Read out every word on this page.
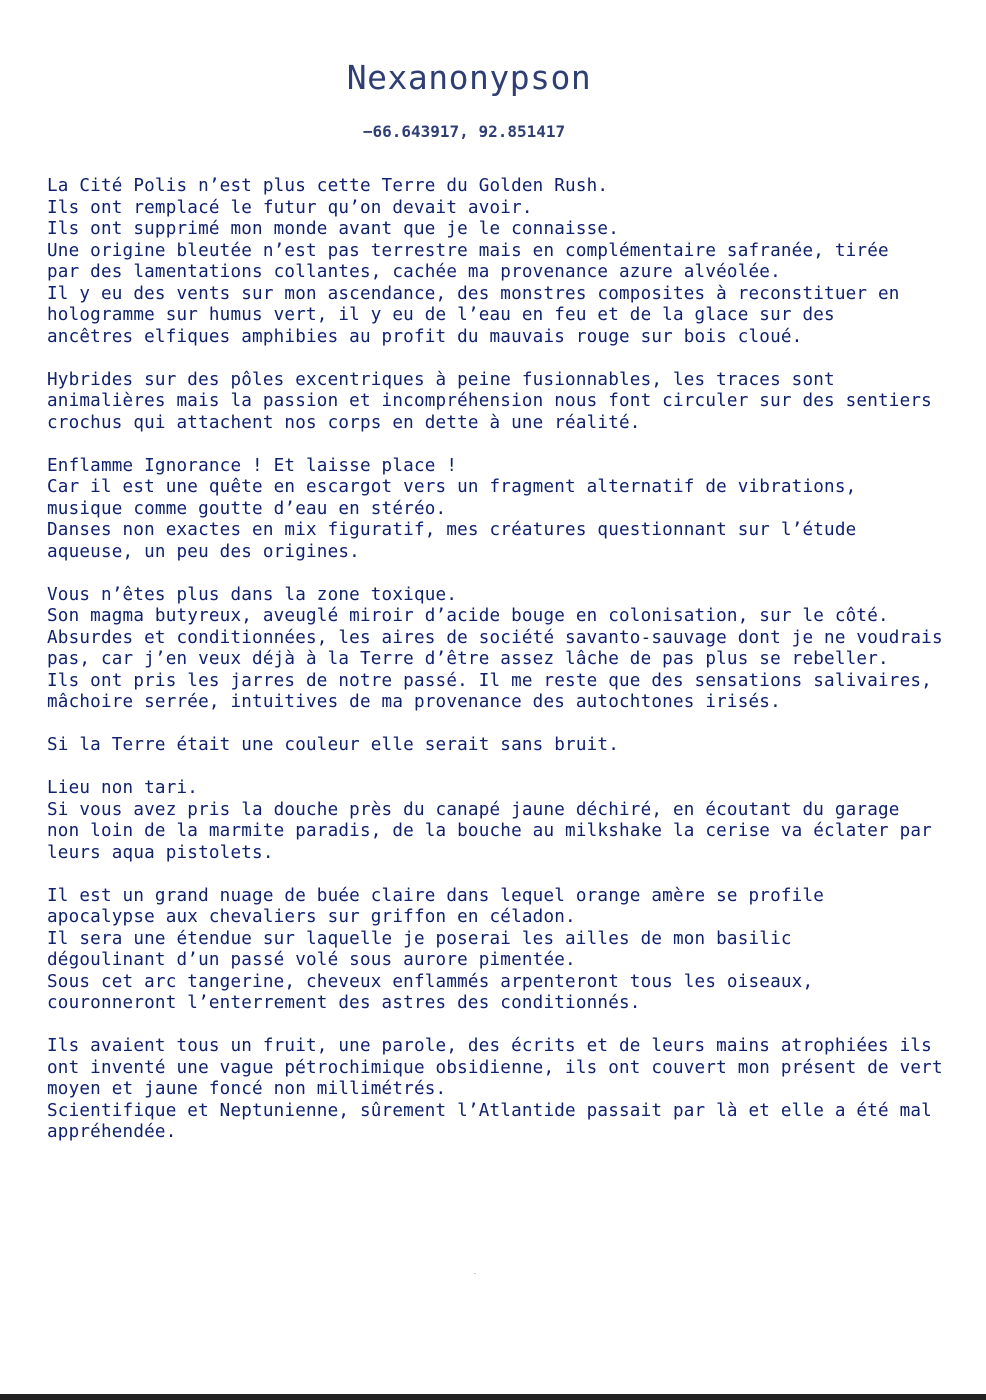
Nexanonypson
−66.643917, 92.851417
La Cité Polis n’est plus cette Terre du Golden Rush.
Ils ont remplacé le futur qu’on devait avoir.
Ils ont supprimé mon monde avant que je le connaisse.
Une origine bleutée n’est pas terrestre mais en complémentaire safranée, tirée
par des lamentations collantes, cachée ma provenance azure alvéolée.
Il y eu des vents sur mon ascendance, des monstres composites à reconstituer en
hologramme sur humus vert, il y eu de l’eau en feu et de la glace sur des
ancêtres elfiques amphibies au profit du mauvais rouge sur bois cloué.
Hybrides sur des pôles excentriques à peine fusionnables, les traces sont
animalières mais la passion et incompréhension nous font circuler sur des sentiers
crochus qui attachent nos corps en dette à une réalité.
Enflamme Ignorance ! Et laisse place !
Car il est une quête en escargot vers un fragment alternatif de vibrations,
musique comme goutte d’eau en stéréo.
Danses non exactes en mix figuratif, mes créatures questionnant sur l’étude
aqueuse, un peu des origines.
Vous n’êtes plus dans la zone toxique.
Son magma butyreux, aveuglé miroir d’acide bouge en colonisation, sur le côté.
Absurdes et conditionnées, les aires de société savanto-sauvage dont je ne voudrais
pas, car j’en veux déjà à la Terre d’être assez lâche de pas plus se rebeller.
Ils ont pris les jarres de notre passé. Il me reste que des sensations salivaires,
mâchoire serrée, intuitives de ma provenance des autochtones irisés.
Si la Terre était une couleur elle serait sans bruit.
Lieu non tari.
Si vous avez pris la douche près du canapé jaune déchiré, en écoutant du garage
non loin de la marmite paradis, de la bouche au milkshake la cerise va éclater par
leurs aqua pistolets.
Il est un grand nuage de buée claire dans lequel orange amère se profile
apocalypse aux chevaliers sur griffon en céladon.
Il sera une étendue sur laquelle je poserai les ailles de mon basilic
dégoulinant d’un passé volé sous aurore pimentée.
Sous cet arc tangerine, cheveux enflammés arpenteront tous les oiseaux,
couronneront l’enterrement des astres des conditionnés.
Ils avaient tous un fruit, une parole, des écrits et de leurs mains atrophiées ils
ont inventé une vague pétrochimique obsidienne, ils ont couvert mon présent de vert
moyen et jaune foncé non millimétrés.
Scientifique et Neptunienne, sûrement l’Atlantide passait par là et elle a été mal
appréhendée.
